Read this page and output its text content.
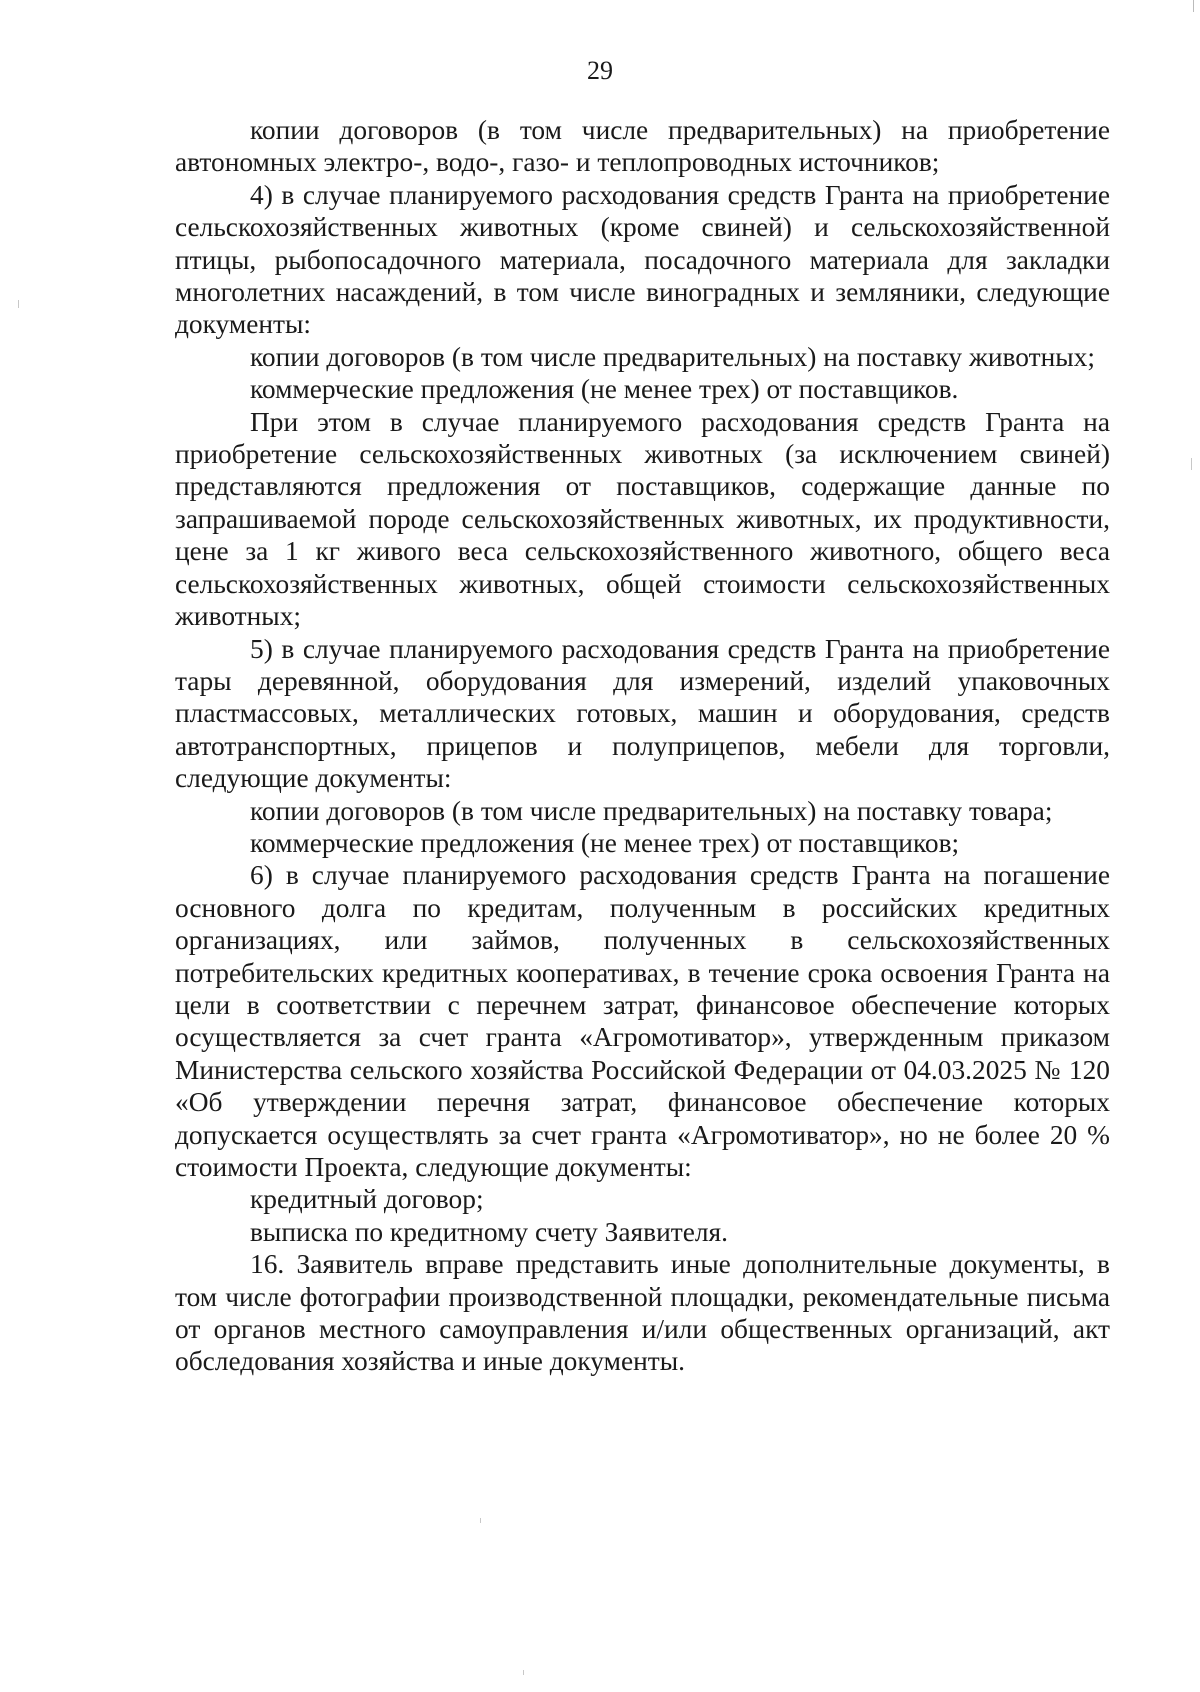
29

копии договоров (в том числе предварительных) на приобретение автономных электро-, водо-, газо- и теплопроводных источников;

4) в случае планируемого расходования средств Гранта на приобретение сельскохозяйственных животных (кроме свиней) и сельскохозяйственной птицы, рыбопосадочного материала, посадочного материала для закладки многолетних насаждений, в том числе виноградных и земляники, следующие документы:

копии договоров (в том числе предварительных) на поставку животных;

коммерческие предложения (не менее трех) от поставщиков.

При этом в случае планируемого расходования средств Гранта на приобретение сельскохозяйственных животных (за исключением свиней) представляются предложения от поставщиков, содержащие данные по запрашиваемой породе сельскохозяйственных животных, их продуктивности, цене за 1 кг живого веса сельскохозяйственного животного, общего веса сельскохозяйственных животных, общей стоимости сельскохозяйственных животных;

5) в случае планируемого расходования средств Гранта на приобретение тары деревянной, оборудования для измерений, изделий упаковочных пластмассовых, металлических готовых, машин и оборудования, средств автотранспортных, прицепов и полуприцепов, мебели для торговли, следующие документы:

копии договоров (в том числе предварительных) на поставку товара;

коммерческие предложения (не менее трех) от поставщиков;

6) в случае планируемого расходования средств Гранта на погашение основного долга по кредитам, полученным в российских кредитных организациях, или займов, полученных в сельскохозяйственных потребительских кредитных кооперативах, в течение срока освоения Гранта на цели в соответствии с перечнем затрат, финансовое обеспечение которых осуществляется за счет гранта «Агромотиватор», утвержденным приказом Министерства сельского хозяйства Российской Федерации от 04.03.2025 № 120 «Об утверждении перечня затрат, финансовое обеспечение которых допускается осуществлять за счет гранта «Агромотиватор», но не более 20 % стоимости Проекта, следующие документы:

кредитный договор;

выписка по кредитному счету Заявителя.

16. Заявитель вправе представить иные дополнительные документы, в том числе фотографии производственной площадки, рекомендательные письма от органов местного самоуправления и/или общественных организаций, акт обследования хозяйства и иные документы.
